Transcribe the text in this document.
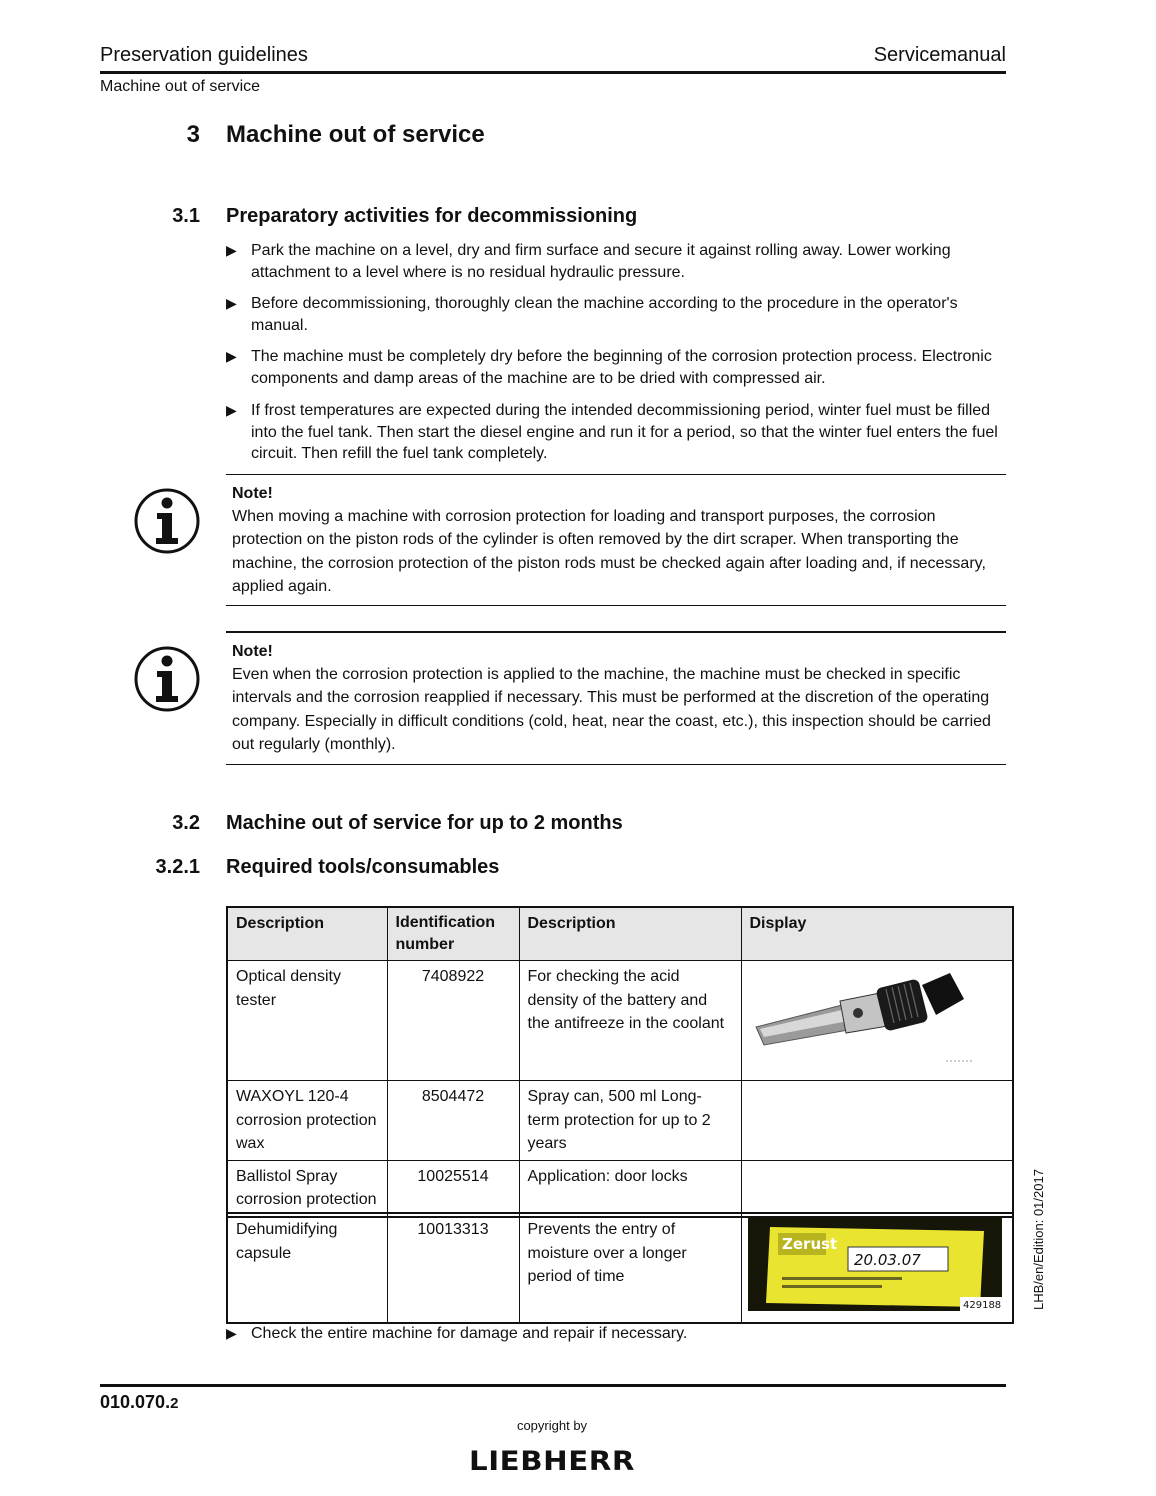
Preservation guidelines	Servicemanual
Machine out of service
3 Machine out of service
3.1 Preparatory activities for decommissioning
▶ Park the machine on a level, dry and firm surface and secure it against rolling away. Lower working attachment to a level where is no residual hydraulic pressure.
▶ Before decommissioning, thoroughly clean the machine according to the procedure in the operator's manual.
▶ The machine must be completely dry before the beginning of the corrosion protection process. Electronic components and damp areas of the machine are to be dried with compressed air.
▶ If frost temperatures are expected during the intended decommissioning period, winter fuel must be filled into the fuel tank. Then start the diesel engine and run it for a period, so that the winter fuel enters the fuel circuit. Then refill the fuel tank completely.
Note!
When moving a machine with corrosion protection for loading and transport purposes, the corrosion protection on the piston rods of the cylinder is often removed by the dirt scraper. When transporting the machine, the corrosion protection of the piston rods must be checked again after loading and, if necessary, applied again.
Note!
Even when the corrosion protection is applied to the machine, the machine must be checked in specific intervals and the corrosion reapplied if necessary. This must be performed at the discretion of the operating company. Especially in difficult conditions (cold, heat, near the coast, etc.), this inspection should be carried out regularly (monthly).
3.2 Machine out of service for up to 2 months
3.2.1 Required tools/consumables
Description	Identification number	Description	Display
Optical density tester	7408922	For checking the acid density of the battery and the antifreeze in the coolant	
WAXOYL 120-4 corrosion protection wax	8504472	Spray can, 500 ml Long-term protection for up to 2 years	
Ballistol Spray corrosion protection	10025514	Application: door locks	
Dehumidifying capsule	10013313	Prevents the entry of moisture over a longer period of time	
Zerust
20.03.07
429188
▶ Check the entire machine for damage and repair if necessary.
LHB/en/Edition: 01/2017
010.070.2
copyright by
LIEBHERR
